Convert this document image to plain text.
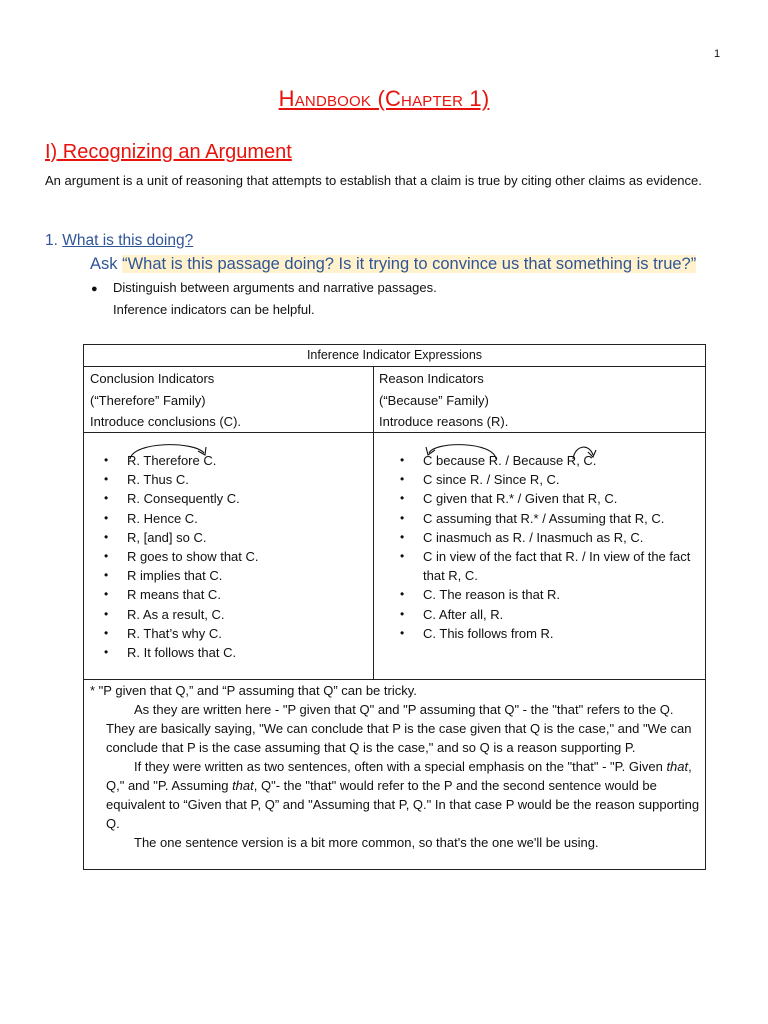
1
Handbook (Chapter 1)
I) Recognizing an Argument
An argument is a unit of reasoning that attempts to establish that a claim is true by citing other claims as evidence.
1. What is this doing?
Ask “What is this passage doing? Is it trying to convince us that something is true?”
● Distinguish between arguments and narrative passages.
Inference indicators can be helpful.
Inference Indicator Expressions
Conclusion Indicators
(“Therefore” Family)
Introduce conclusions (C).
Reason Indicators
(“Because” Family)
Introduce reasons (R).
• R. Therefore C.
• R. Thus C.
• R. Consequently C.
• R. Hence C.
• R, [and] so C.
• R goes to show that C.
• R implies that C.
• R means that C.
• R. As a result, C.
• R. That’s why C.
• R. It follows that C.
• C because R. / Because R, C.
• C since R. / Since R, C.
• C given that R.* / Given that R, C.
• C assuming that R.* / Assuming that R, C.
• C inasmuch as R. / Inasmuch as R, C.
• C in view of the fact that R. / In view of the fact that R, C.
• C. The reason is that R.
• C. After all, R.
• C. This follows from R.

* "P given that Q,” and “P assuming that Q” can be tricky.

As they are written here - "P given that Q" and "P assuming that Q" - the "that" refers to the Q. They are basically saying, "We can conclude that P is the case given that Q is the case," and "We can conclude that P is the case assuming that Q is the case," and so Q is a reason supporting P.

If they were written as two sentences, often with a special emphasis on the "that" - "P. Given that, Q," and "P. Assuming that, Q"- the "that" would refer to the P and the second sentence would be equivalent to “Given that P, Q” and "Assuming that P, Q." In that case P would be the reason supporting Q.

The one sentence version is a bit more common, so that's the one we'll be using.
